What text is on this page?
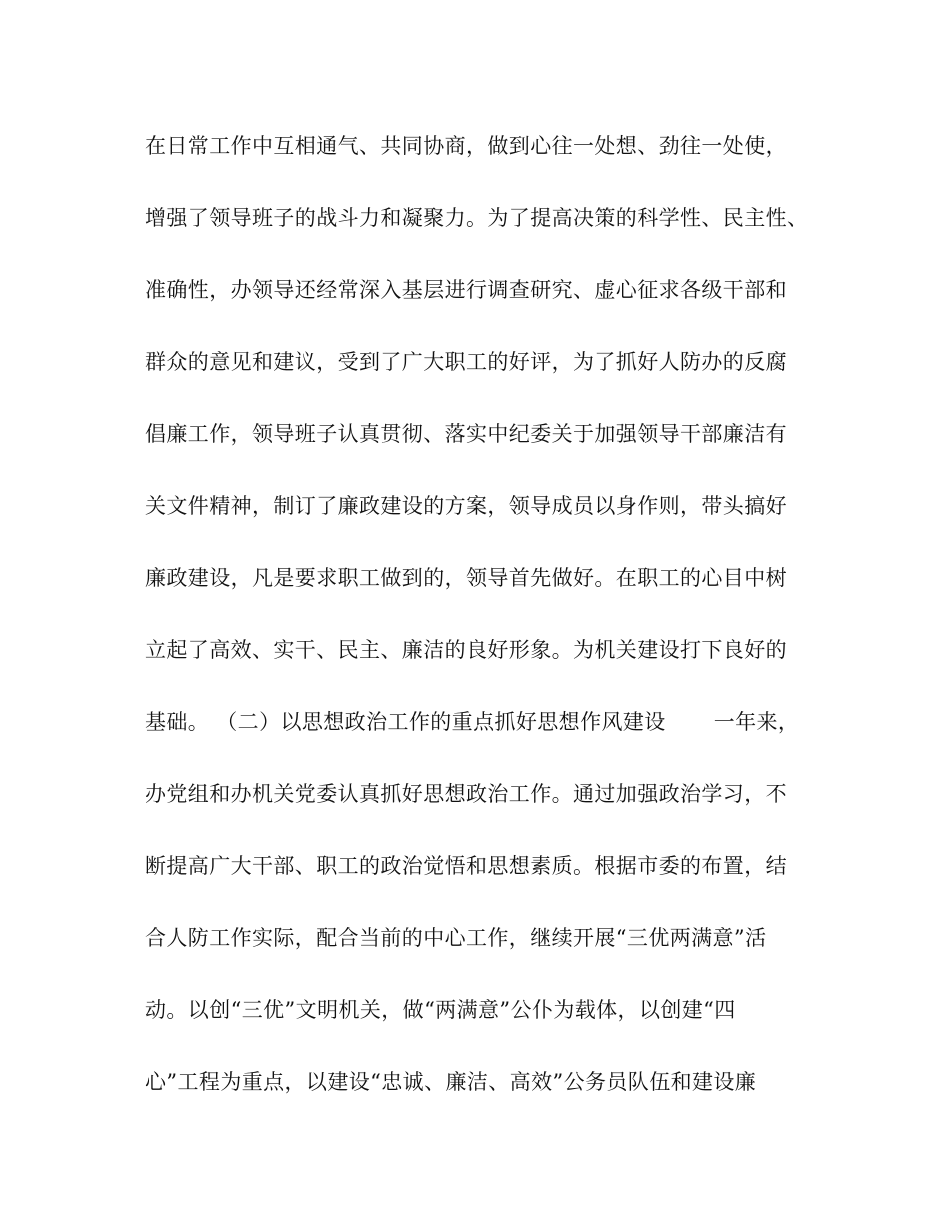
在日常工作中互相通气、共同协商，做到心往一处想、劲往一处使，
增强了领导班子的战斗力和凝聚力。为了提高决策的科学性、民主性、
准确性，办领导还经常深入基层进行调查研究、虚心征求各级干部和
群众的意见和建议，受到了广大职工的好评，为了抓好人防办的反腐
倡廉工作，领导班子认真贯彻、落实中纪委关于加强领导干部廉洁有
关文件精神，制订了廉政建设的方案，领导成员以身作则，带头搞好
廉政建设，凡是要求职工做到的，领导首先做好。在职工的心目中树
立起了高效、实干、民主、廉洁的良好形象。为机关建设打下良好的
基础。 （二）以思想政治工作的重点抓好思想作风建设 一年来，
办党组和办机关党委认真抓好思想政治工作。通过加强政治学习，不
断提高广大干部、职工的政治觉悟和思想素质。根据市委的布置，结
合人防工作实际，配合当前的中心工作，继续开展“三优两满意”活
动。以创“三优”文明机关，做“两满意”公仆为载体，以创建“四
心”工程为重点，以建设“忠诚、廉洁、高效”公务员队伍和建设廉
